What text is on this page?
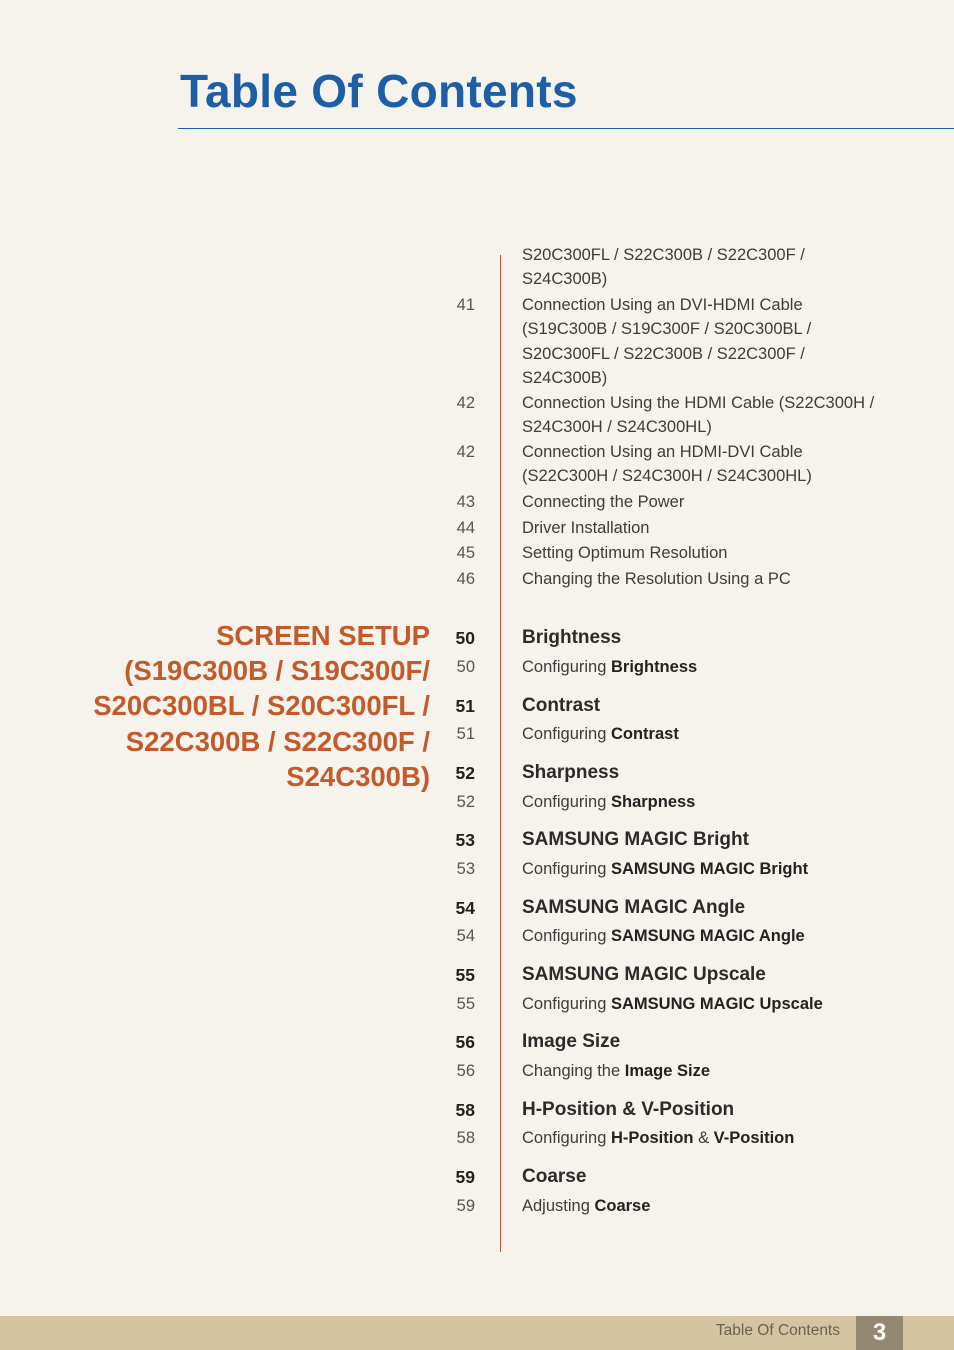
Table Of Contents
SCREEN SETUP
(S19C300B / S19C300F/
S20C300BL / S20C300FL /
S22C300B / S22C300F /
S24C300B)
S20C300FL / S22C300B / S22C300F /
S24C300B)
41	Connection Using an DVI-HDMI Cable
(S19C300B / S19C300F / S20C300BL /
S20C300FL / S22C300B / S22C300F /
S24C300B)
42	Connection Using the HDMI Cable (S22C300H /
S24C300H / S24C300HL)
42	Connection Using an HDMI-DVI Cable
(S22C300H / S24C300H / S24C300HL)
43	Connecting the Power
44	Driver Installation
45	Setting Optimum Resolution
46	Changing the Resolution Using a PC
50 Brightness
50	Configuring Brightness
51 Contrast
51	Configuring Contrast
52 Sharpness
52	Configuring Sharpness
53 SAMSUNG MAGIC Bright
53	Configuring SAMSUNG MAGIC Bright
54 SAMSUNG MAGIC Angle
54	Configuring SAMSUNG MAGIC Angle
55 SAMSUNG MAGIC Upscale
55	Configuring SAMSUNG MAGIC Upscale
56 Image Size
56	Changing the Image Size
58 H-Position & V-Position
58	Configuring H-Position & V-Position
59 Coarse
59	Adjusting Coarse
Table Of Contents	3
